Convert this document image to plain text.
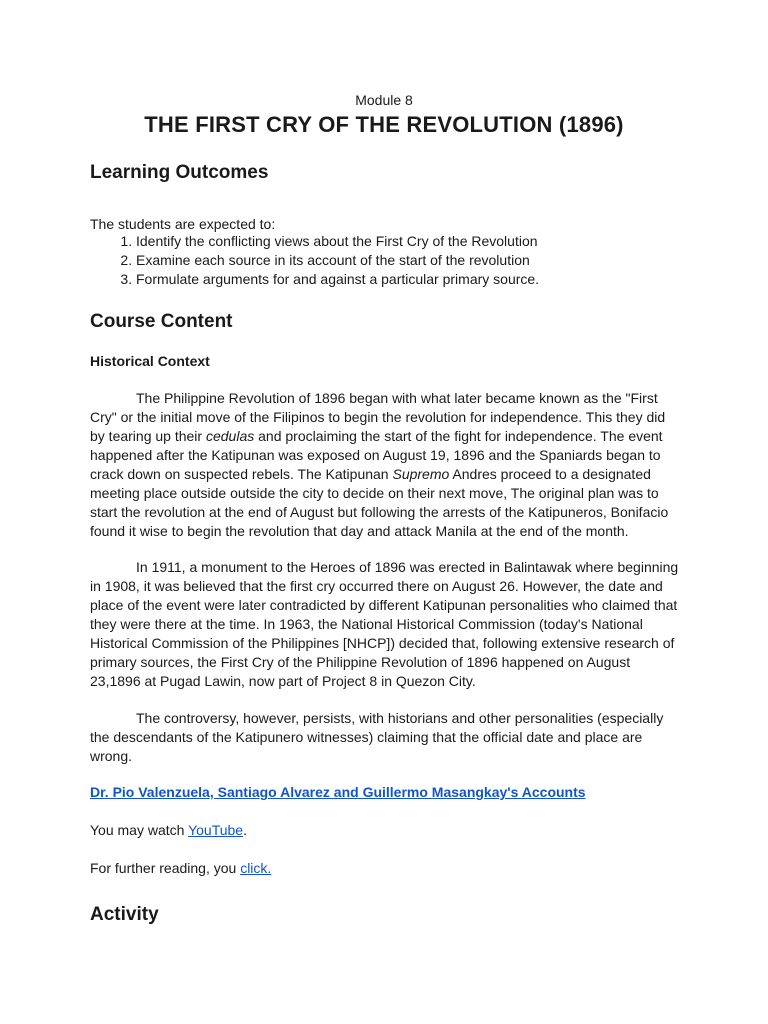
Module 8
THE FIRST CRY OF THE REVOLUTION (1896)
Learning Outcomes
The students are expected to:
1. Identify the conflicting views about the First Cry of the Revolution
2. Examine each source in its account of the start of the revolution
3. Formulate arguments for and against a particular primary source.
Course Content
Historical Context
The Philippine Revolution of 1896 began with what later became known as the "First Cry" or the initial move of the Filipinos to begin the revolution for independence. This they did by tearing up their cedulas and proclaiming the start of the fight for independence. The event happened after the Katipunan was exposed on August 19, 1896 and the Spaniards began to crack down on suspected rebels. The Katipunan Supremo Andres proceed to a designated meeting place outside outside the city to decide on their next move, The original plan was to start the revolution at the end of August but following the arrests of the Katipuneros, Bonifacio found it wise to begin the revolution that day and attack Manila at the end of the month.
In 1911, a monument to the Heroes of 1896 was erected in Balintawak where beginning in 1908, it was believed that the first cry occurred there on August 26. However, the date and place of the event were later contradicted by different Katipunan personalities who claimed that they were there at the time. In 1963, the National Historical Commission (today's National Historical Commission of the Philippines [NHCP]) decided that, following extensive research of primary sources, the First Cry of the Philippine Revolution of 1896 happened on August 23,1896 at Pugad Lawin, now part of Project 8 in Quezon City.
The controversy, however, persists, with historians and other personalities (especially the descendants of the Katipunero witnesses) claiming that the official date and place are wrong.
Dr. Pio Valenzuela, Santiago Alvarez and Guillermo Masangkay's Accounts
You may watch YouTube.
For further reading, you click.
Activity
